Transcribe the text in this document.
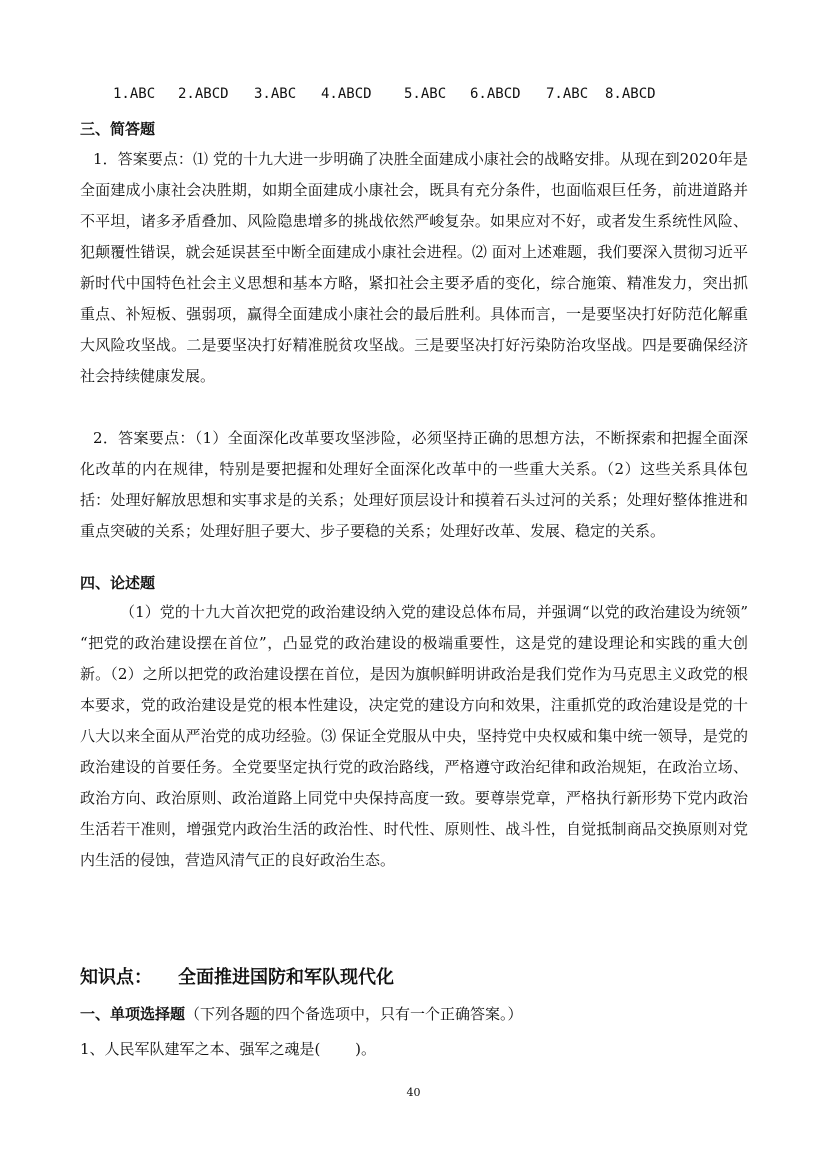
1.ABC 2.ABCD 3.ABC 4.ABCD 5.ABC 6.ABCD 7.ABC 8.ABCD
三、简答题

1．答案要点：⑴ 党的十九大进一步明确了决胜全面建成小康社会的战略安排。从现在到2020年是全面建成小康社会决胜期，如期全面建成小康社会，既具有充分条件，也面临艰巨任务，前进道路并不平坦，诸多矛盾叠加、风险隐患增多的挑战依然严峻复杂。如果应对不好，或者发生系统性风险、犯颠覆性错误，就会延误甚至中断全面建成小康社会进程。⑵ 面对上述难题，我们要深入贯彻习近平新时代中国特色社会主义思想和基本方略，紧扣社会主要矛盾的变化，综合施策、精准发力，突出抓重点、补短板、强弱项，赢得全面建成小康社会的最后胜利。具体而言，一是要坚决打好防范化解重大风险攻坚战。二是要坚决打好精准脱贫攻坚战。三是要坚决打好污染防治攻坚战。四是要确保经济社会持续健康发展。

2．答案要点：（1）全面深化改革要攻坚涉险，必须坚持正确的思想方法，不断探索和把握全面深化改革的内在规律，特别是要把握和处理好全面深化改革中的一些重大关系。（2）这些关系具体包括：处理好解放思想和实事求是的关系；处理好顶层设计和摸着石头过河的关系；处理好整体推进和重点突破的关系；处理好胆子要大、步子要稳的关系；处理好改革、发展、稳定的关系。

四、论述题

（1）党的十九大首次把党的政治建设纳入党的建设总体布局，并强调“以党的政治建设为统领” “把党的政治建设摆在首位”，凸显党的政治建设的极端重要性，这是党的建设理论和实践的重大创新。（2）之所以把党的政治建设摆在首位，是因为旗帜鲜明讲政治是我们党作为马克思主义政党的根本要求，党的政治建设是党的根本性建设，决定党的建设方向和效果，注重抓党的政治建设是党的十八大以来全面从严治党的成功经验。⑶ 保证全党服从中央，坚持党中央权威和集中统一领导，是党的政治建设的首要任务。全党要坚定执行党的政治路线，严格遵守政治纪律和政治规矩，在政治立场、政治方向、政治原则、政治道路上同党中央保持高度一致。要尊崇党章，严格执行新形势下党内政治生活若干准则，增强党内政治生活的政治性、时代性、原则性、战斗性，自觉抵制商品交换原则对党内生活的侵蚀，营造风清气正的良好政治生态。

知识点： 全面推进国防和军队现代化

一、单项选择题（下列各题的四个备选项中，只有一个正确答案。）

1、人民军队建军之本、强军之魂是(　　 )。

40
